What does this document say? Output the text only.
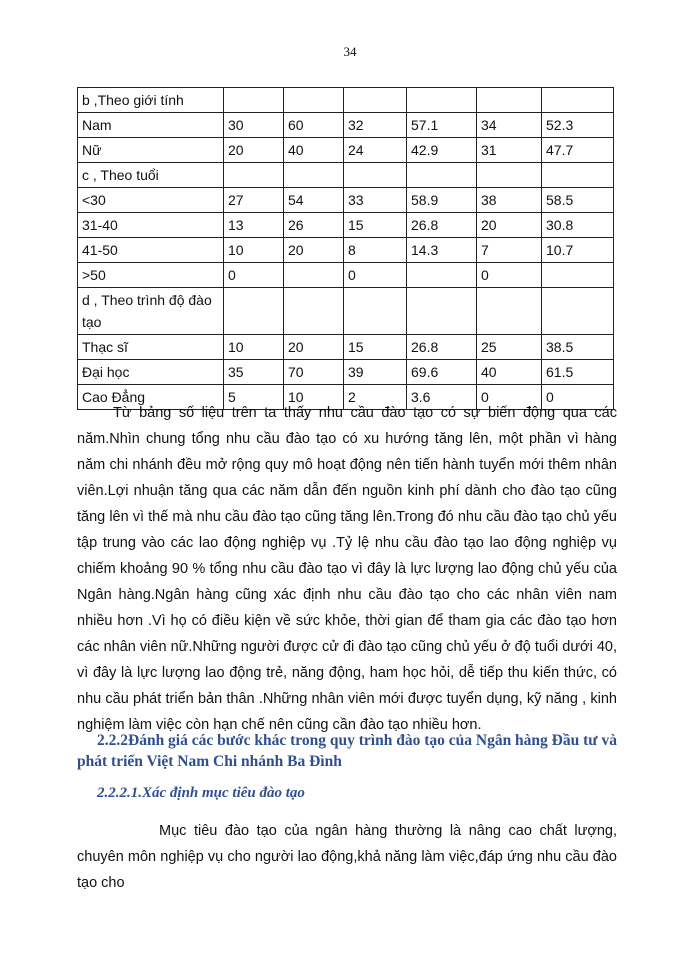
34
b ,Theo giới tính						
Nam	30	60	32	57.1	34	52.3
Nữ	20	40	24	42.9	31	47.7
c , Theo tuổi						
<30	27	54	33	58.9	38	58.5
31-40	13	26	15	26.8	20	30.8
41-50	10	20	8	14.3	7	10.7
>50	0		0		0	
d , Theo trình độ đào tạo						
Thạc sĩ	10	20	15	26.8	25	38.5
Đại học	35	70	39	69.6	40	61.5
Cao Đẳng	5	10	2	3.6	0	0
Từ bảng số liệu trên ta thấy nhu cầu đào tạo có sự biến động qua các năm.Nhìn chung tổng nhu cầu đào tạo có xu hướng tăng lên, một phần vì hàng năm chi nhánh đều mở rộng quy mô hoạt động nên tiến hành tuyển mới thêm nhân viên.Lợi nhuận tăng qua các năm dẫn đến nguồn kinh phí dành cho đào tạo cũng tăng lên vì thế mà nhu cầu đào tạo cũng tăng lên.Trong đó nhu cầu đào tạo chủ yếu tập trung vào các lao động nghiệp vụ .Tỷ lệ nhu cầu đào tạo lao động nghiệp vụ chiếm khoảng 90 % tổng nhu cầu đào tạo vì đây là lực lượng lao động chủ yếu của Ngân hàng.Ngân hàng cũng xác định nhu cầu đào tạo cho các nhân viên nam nhiều hơn .Vì họ có điều kiện về sức khỏe, thời gian để tham gia các đào tạo hơn các nhân viên nữ.Những người được cử đi đào tạo cũng chủ yếu ở độ tuổi dưới 40, vì đây là lực lượng lao động trẻ, năng động, ham học hỏi, dễ tiếp thu kiến thức, có nhu cầu phát triển bản thân .Những nhân viên mới được tuyển dụng, kỹ năng , kinh nghiệm làm việc còn hạn chế nên cũng cần đào tạo nhiều hơn.
2.2.2Đánh giá các bước khác trong quy trình đào tạo của Ngân hàng Đầu tư và phát triển Việt Nam Chi nhánh Ba Đình
2.2.2.1.Xác định mục tiêu đào tạo
Mục tiêu đào tạo của ngân hàng thường là nâng cao chất lượng, chuyên môn nghiệp vụ cho người lao động,khả năng làm việc,đáp ứng nhu cầu đào tạo cho
